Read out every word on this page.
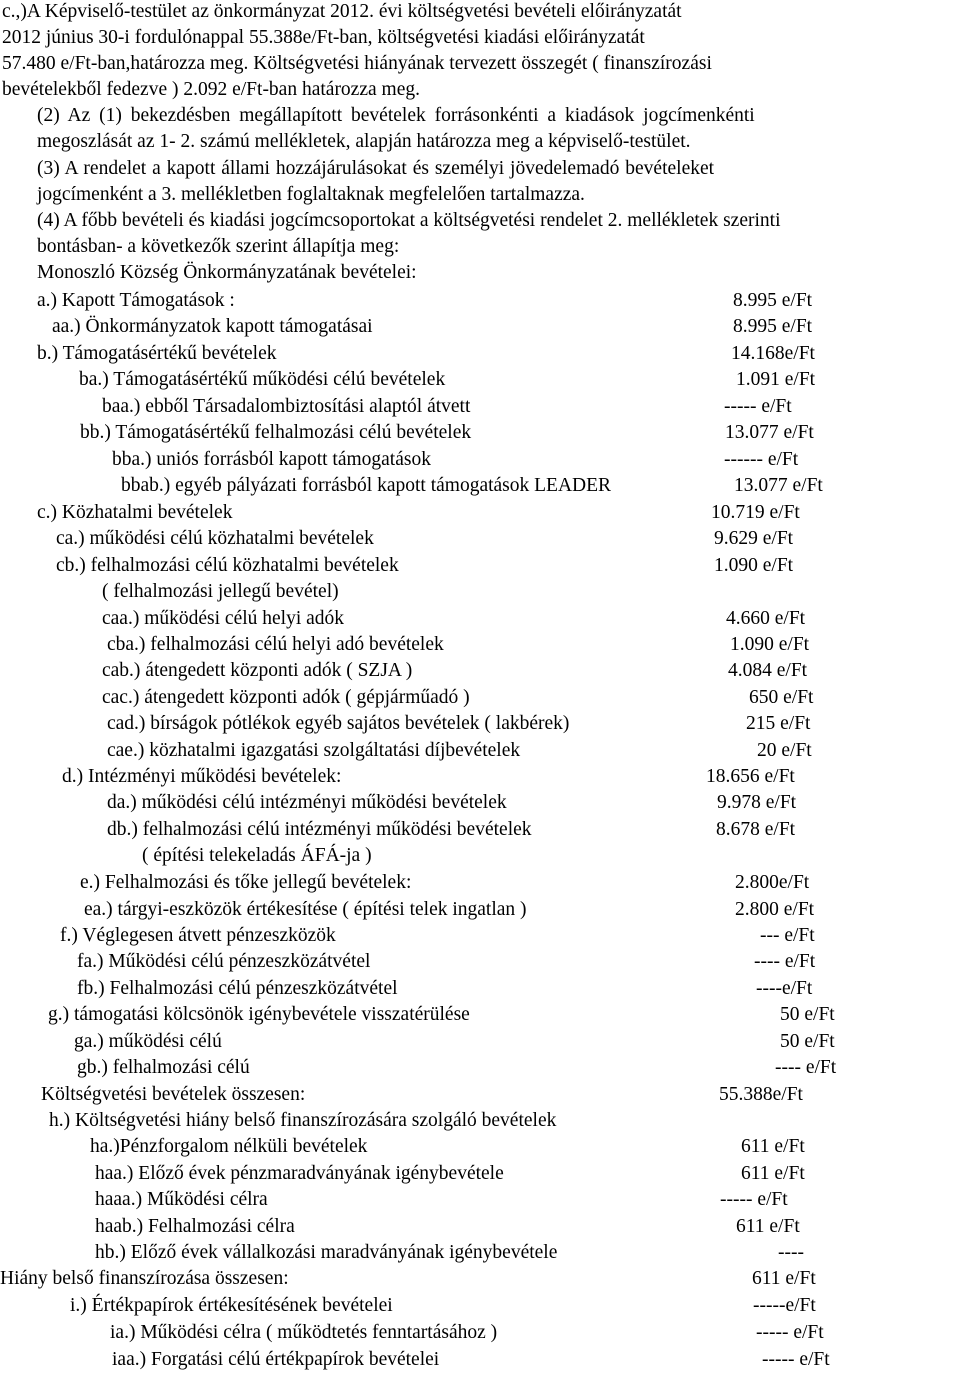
c.,)A Képviselő-testület az önkormányzat 2012. évi költségvetési bevételi előirányzatát
2012 június 30-i fordulónappal 55.388e/Ft-ban, költségvetési kiadási előirányzatát
57.480 e/Ft-ban,határozza meg. Költségvetési hiányának tervezett összegét ( finanszírozási
bevételekből fedezve ) 2.092 e/Ft-ban határozza meg.
(2) Az (1) bekezdésben megállapított bevételek forrásonkénti a kiadások jogcímenkénti
megoszlását az 1- 2. számú mellékletek, alapján határozza meg a képviselő-testület.
(3) A rendelet a kapott állami hozzájárulásokat és személyi jövedelemadó bevételeket
jogcímenként a 3. mellékletben foglaltaknak megfelelően tartalmazza.
(4) A főbb bevételi és kiadási jogcímcsoportokat a költségvetési rendelet 2. mellékletek szerinti
bontásban- a következők szerint állapítja meg:
Monoszló Község Önkormányzatának bevételei:
a.) Kapott Támogatások :	8.995 e/Ft
aa.) Önkormányzatok kapott támogatásai	8.995 e/Ft
b.) Támogatásértékű bevételek	14.168e/Ft
ba.) Támogatásértékű működési célú bevételek	1.091 e/Ft
baa.) ebből Társadalombiztosítási alaptól átvett	----- e/Ft
bb.) Támogatásértékű felhalmozási célú bevételek	13.077 e/Ft
bba.) uniós forrásból kapott támogatások	------ e/Ft
bbab.) egyéb pályázati forrásból kapott támogatások LEADER	13.077 e/Ft
c.) Közhatalmi bevételek	10.719 e/Ft
ca.) működési célú közhatalmi bevételek	9.629 e/Ft
cb.) felhalmozási célú közhatalmi bevételek	1.090 e/Ft
( felhalmozási jellegű bevétel)
caa.) működési célú helyi adók	4.660 e/Ft
cba.) felhalmozási célú helyi adó bevételek	1.090 e/Ft
cab.) átengedett központi adók ( SZJA )	4.084 e/Ft
cac.) átengedett központi adók ( gépjárműadó )	650 e/Ft
cad.) bírságok pótlékok egyéb sajátos bevételek ( lakbérek)	215 e/Ft
cae.) közhatalmi igazgatási szolgáltatási díjbevételek	20 e/Ft
d.) Intézményi működési bevételek:	18.656 e/Ft
da.) működési célú intézményi működési bevételek	9.978 e/Ft
db.) felhalmozási célú intézményi működési bevételek	8.678 e/Ft
( építési telekeladás ÁFÁ-ja )
e.) Felhalmozási és tőke jellegű bevételek:	2.800e/Ft
ea.) tárgyi-eszközök értékesítése ( építési telek ingatlan )	2.800 e/Ft
f.) Véglegesen átvett pénzeszközök	--- e/Ft
fa.) Működési célú pénzeszközátvétel	---- e/Ft
fb.) Felhalmozási célú pénzeszközátvétel	----e/Ft
g.) támogatási kölcsönök igénybevétele visszatérülése	50 e/Ft
ga.) működési célú	50 e/Ft
gb.) felhalmozási célú	---- e/Ft
Költségvetési bevételek összesen:	55.388e/Ft
h.) Költségvetési hiány belső finanszírozására szolgáló bevételek
ha.)Pénzforgalom nélküli bevételek	611 e/Ft
haa.) Előző évek pénzmaradványának igénybevétele	611 e/Ft
haaa.) Működési célra	----- e/Ft
haab.) Felhalmozási célra	611 e/Ft
hb.) Előző évek vállalkozási maradványának igénybevétele	----
Hiány belső finanszírozása összesen:	611 e/Ft
i.) Értékpapírok értékesítésének bevételei	-----e/Ft
ia.) Működési célra ( működtetés fenntartásához )	----- e/Ft
iaa.) Forgatási célú értékpapírok bevételei	----- e/Ft
